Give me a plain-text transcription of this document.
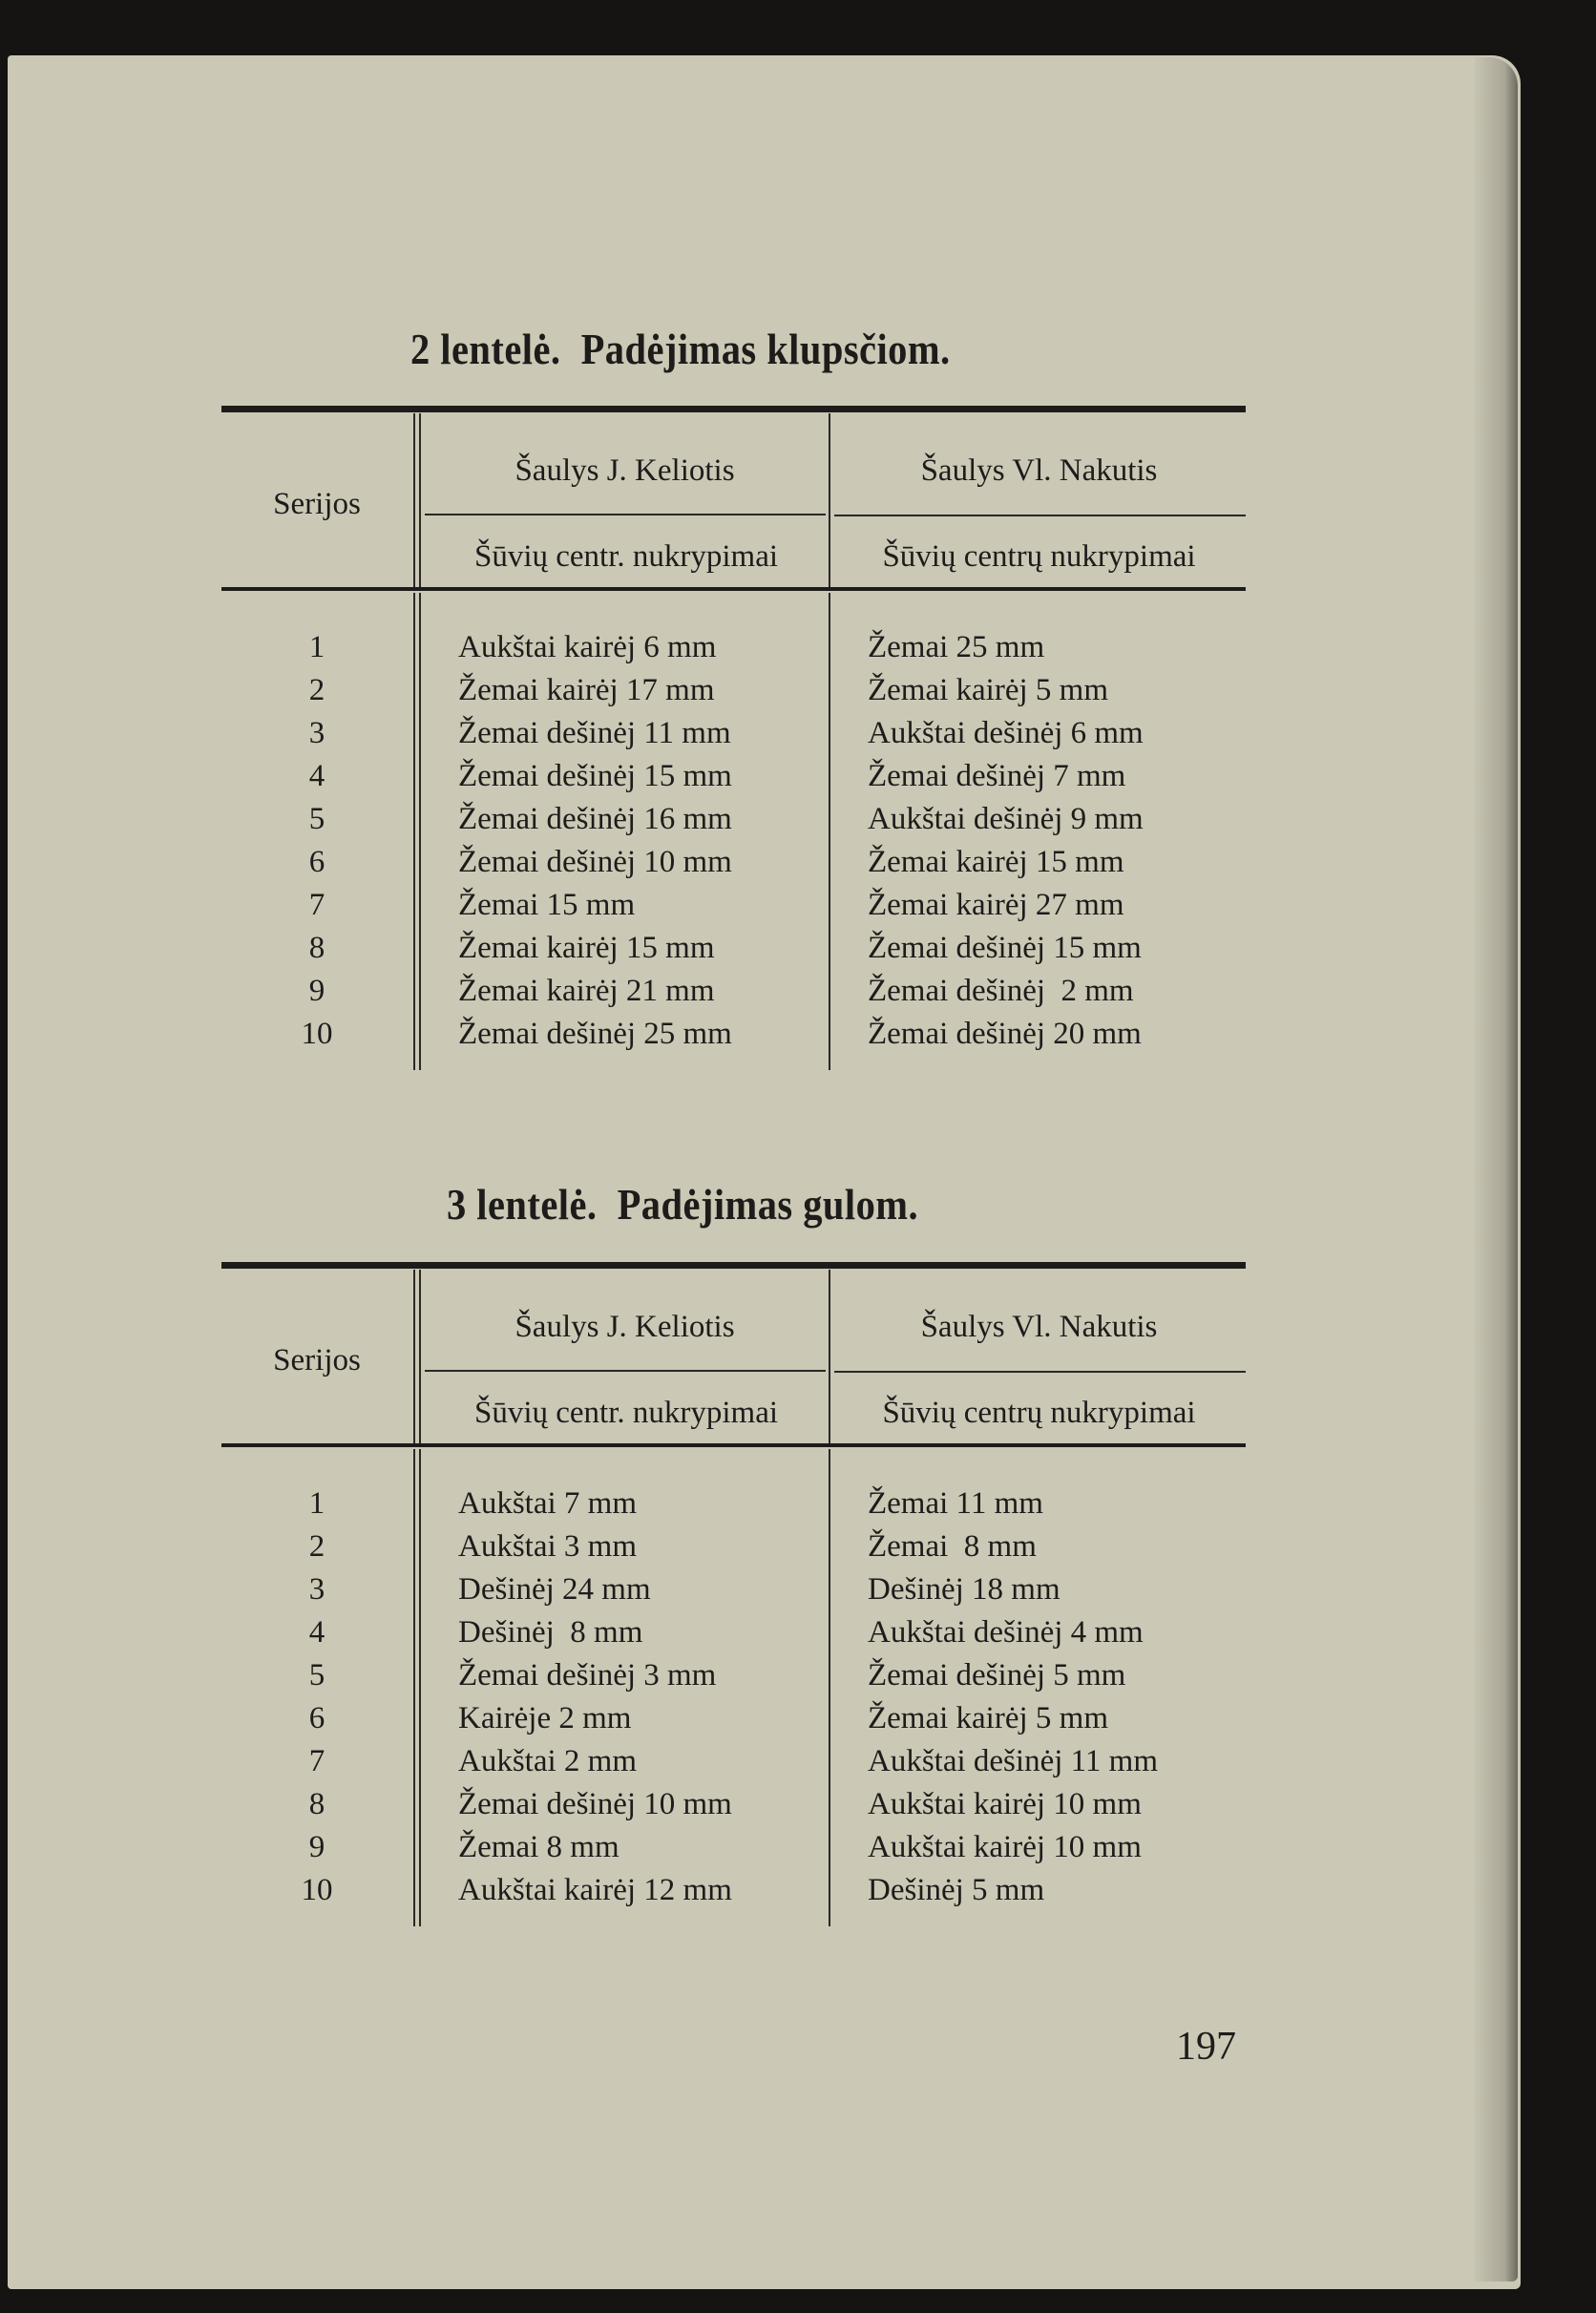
2 lentelė.  Padėjimas klupsčiom.
Serijos
Šaulys J. Keliotis	Šaulys Vl. Nakutis
Šūvių centr. nukrypimai	Šūvių centrų nukrypimai
1	Aukštai kairėj 6 mm	Žemai 25 mm
2	Žemai kairėj 17 mm	Žemai kairėj 5 mm
3	Žemai dešinėj 11 mm	Aukštai dešinėj 6 mm
4	Žemai dešinėj 15 mm	Žemai dešinėj 7 mm
5	Žemai dešinėj 16 mm	Aukštai dešinėj 9 mm
6	Žemai dešinėj 10 mm	Žemai kairėj 15 mm
7	Žemai 15 mm	Žemai kairėj 27 mm
8	Žemai kairėj 15 mm	Žemai dešinėj 15 mm
9	Žemai kairėj 21 mm	Žemai dešinėj  2 mm
10	Žemai dešinėj 25 mm	Žemai dešinėj 20 mm
3 lentelė.  Padėjimas gulom.
Serijos
Šaulys J. Keliotis	Šaulys Vl. Nakutis
Šūvių centr. nukrypimai	Šūvių centrų nukrypimai
1	Aukštai 7 mm	Žemai 11 mm
2	Aukštai 3 mm	Žemai  8 mm
3	Dešinėj 24 mm	Dešinėj 18 mm
4	Dešinėj  8 mm	Aukštai dešinėj 4 mm
5	Žemai dešinėj 3 mm	Žemai dešinėj 5 mm
6	Kairėje 2 mm	Žemai kairėj 5 mm
7	Aukštai 2 mm	Aukštai dešinėj 11 mm
8	Žemai dešinėj 10 mm	Aukštai kairėj 10 mm
9	Žemai 8 mm	Aukštai kairėj 10 mm
10	Aukštai kairėj 12 mm	Dešinėj 5 mm
197
